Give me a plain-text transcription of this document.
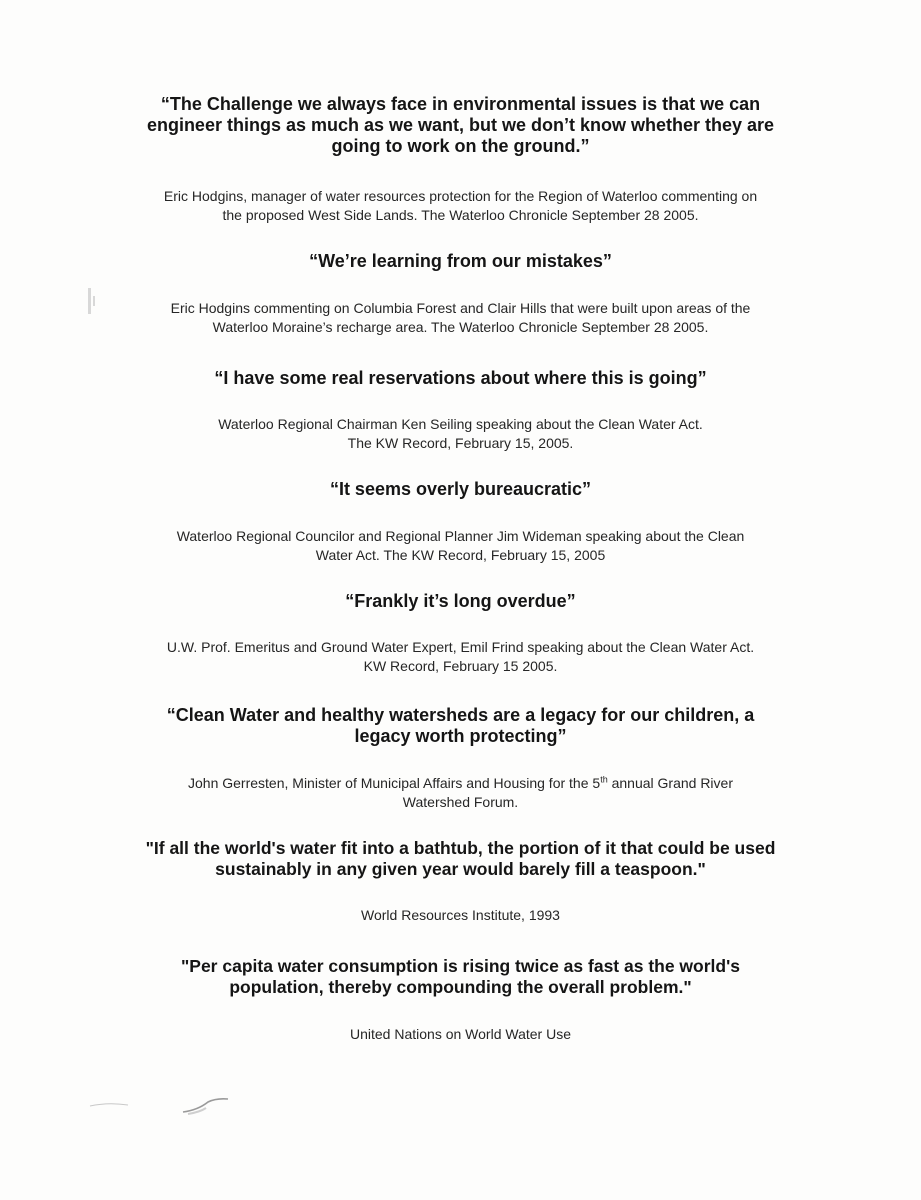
“The Challenge we always face in environmental issues is that we can
engineer things as much as we want, but we don’t know whether they are
going to work on the ground.”
Eric Hodgins, manager of water resources protection for the Region of Waterloo commenting on
the proposed West Side Lands. The Waterloo Chronicle September 28 2005.
“We’re learning from our mistakes”
Eric Hodgins commenting on Columbia Forest and Clair Hills that were built upon areas of the
Waterloo Moraine’s recharge area. The Waterloo Chronicle September 28 2005.
“I have some real reservations about where this is going”
Waterloo Regional Chairman Ken Seiling speaking about the Clean Water Act.
The KW Record, February 15, 2005.
“It seems overly bureaucratic”
Waterloo Regional Councilor and Regional Planner Jim Wideman speaking about the Clean
Water Act. The KW Record, February 15, 2005
“Frankly it’s long overdue”
U.W. Prof. Emeritus and Ground Water Expert, Emil Frind speaking about the Clean Water Act.
KW Record, February 15 2005.
“Clean Water and healthy watersheds are a legacy for our children, a
legacy worth protecting”
John Gerresten, Minister of Municipal Affairs and Housing for the 5th annual Grand River
Watershed Forum.
"If all the world's water fit into a bathtub, the portion of it that could be used
sustainably in any given year would barely fill a teaspoon."
World Resources Institute, 1993
"Per capita water consumption is rising twice as fast as the world's
population, thereby compounding the overall problem."
United Nations on World Water Use
